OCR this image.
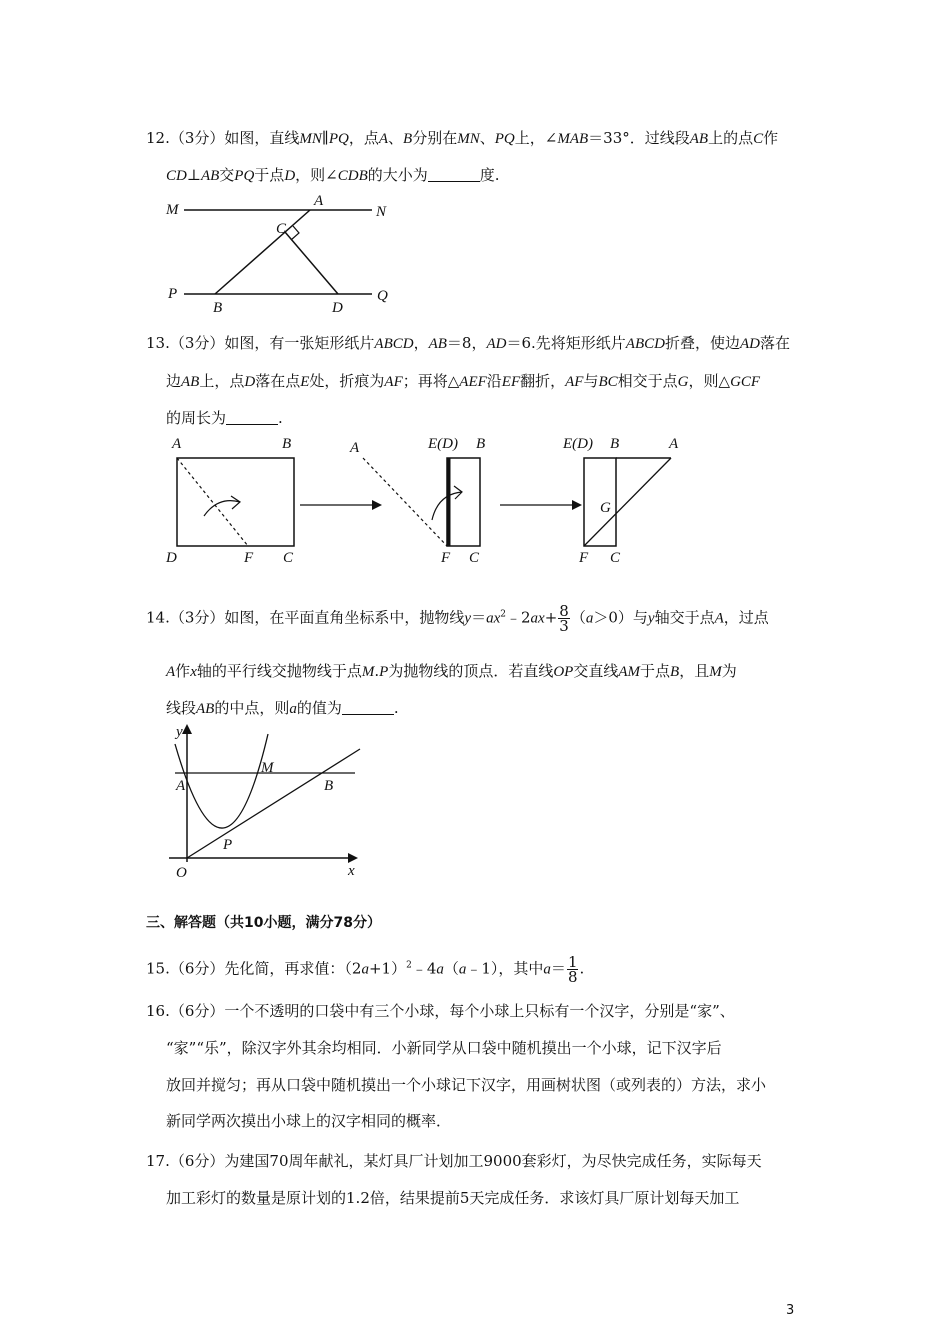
12.（3分）如图，直线MN∥PQ，点A、B分别在MN、PQ上，∠MAB＝33°．过线段AB上的点C作
CD⊥AB交PQ于点D，则∠CDB的大小为	度.
M
A
N
C
P
B	D
Q
13.（3分）如图，有一张矩形纸片ABCD，AB＝8，AD＝6.先将矩形纸片ABCD折叠，使边AD落在
边AB上，点D落在点E处，折痕为AF；再将△AEF沿EF翻折，AF与BC相交于点G，则△GCF
的周长为	.
A	B
D	F C
A	E(D) B
F C
E(D) B	A
G
F C
14.（3分）如图，在平面直角坐标系中，抛物线$y=ax^2﹣2ax+ \frac{8}{3} (a>0)$与y轴交于点A，过点
A作x轴的平行线交抛物线于点M.P为抛物线的顶点．若直线OP交直线AM于点B，且M为
线段AB的中点，则a的值为	.
y
x
O
A
M
B
P
三、解答题（共10小题，满分78分）
15.（6分）先化简，再求值：$(2a+1)^2﹣4a(a﹣1)$，其中$a= \frac{1}{8}$ .
16.（6分）一个不透明的口袋中有三个小球，每个小球上只标有一个汉字，分别是“家”、
“家”“乐”，除汉字外其余均相同．小新同学从口袋中随机摸出一个小球，记下汉字后
放回并搅匀；再从口袋中随机摸出一个小球记下汉字，用画树状图（或列表的）方法，求小
新同学两次摸出小球上的汉字相同的概率．
17.（6分）为建国70周年献礼，某灯具厂计划加工9000套彩灯，为尽快完成任务，实际每天
加工彩灯的数量是原计划的1.2倍，结果提前5天完成任务．求该灯具厂原计划每天加工
3
